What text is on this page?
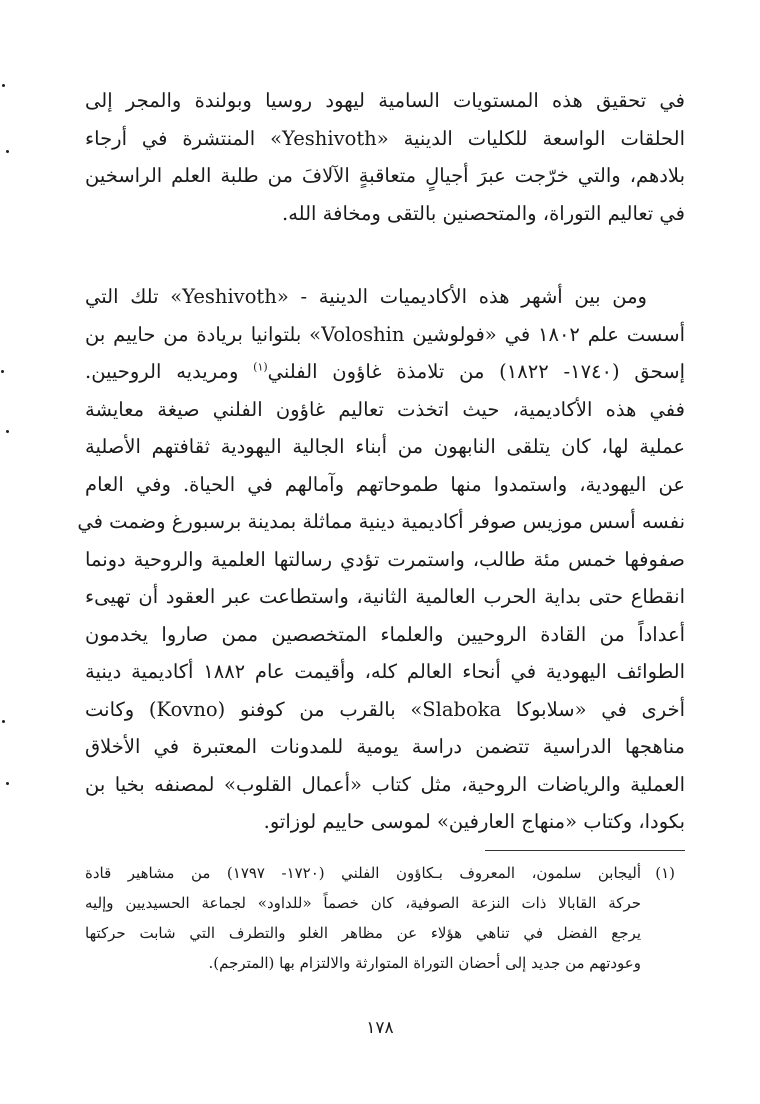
في تحقيق هذه المستويات السامية ليهود روسيا وبولندة والمجر إلى
الحلقات الواسعة للكليات الدينية «Yeshivoth» المنتشرة في أرجاء
بلادهم، والتي خرّجت عبرَ أجيالٍ متعاقبةٍ الآلافَ من طلبة العلم الراسخين
في تعاليم التوراة، والمتحصنين بالتقى ومخافة الله.

ومن بين أشهر هذه الأكاديميات الدينية - «Yeshivoth» تلك التي
أسست علم ١٨٠٢ في «فولوشين Voloshin» بلتوانيا بريادة من حاييم بن
إسحق (١٧٤٠- ١٨٢٢) من تلامذة غاؤون الفلني$^{(١)}$ ومريديه الروحيين.
ففي هذه الأكاديمية، حيث اتخذت تعاليم غاؤون الفلني صيغة معايشة
عملية لها، كان يتلقى النابهون من أبناء الجالية اليهودية ثقافتهم الأصلية
عن اليهودية، واستمدوا منها طموحاتهم وآمالهم في الحياة. وفي العام
نفسه أسس موزيس صوفر أكاديمية دينية مماثلة بمدينة برسبورغ وضمت في
صفوفها خمس مئة طالب، واستمرت تؤدي رسالتها العلمية والروحية دونما
انقطاع حتى بداية الحرب العالمية الثانية، واستطاعت عبر العقود أن تهيىء
أعداداً من القادة الروحيين والعلماء المتخصصين ممن صاروا يخدمون
الطوائف اليهودية في أنحاء العالم كله، وأقيمت عام ١٨٨٢ أكاديمية دينية
أخرى في «سلابوكا Slaboka» بالقرب من كوفنو (Kovno) وكانت
مناهجها الدراسية تتضمن دراسة يومية للمدونات المعتبرة في الأخلاق
العملية والرياضات الروحية، مثل كتاب «أعمال القلوب» لمصنفه بخيا بن
بكودا، وكتاب «منهاج العارفين» لموسى حاييم لوزاتو.

(١)أليجابن سلمون، المعروف بـكاؤون الفلني (١٧٢٠- ١٧٩٧) من مشاهير قادة
حركة القابالا ذات النزعة الصوفية، كان خصماً «للداود» لجماعة الحسيديين وإليه
يرجع الفضل في تناهي هؤلاء عن مظاهر الغلو والتطرف التي شابت حركتها
وعودتهم من جديد إلى أحضان التوراة المتوارثة والالتزام بها (المترجم).
١٧٨
